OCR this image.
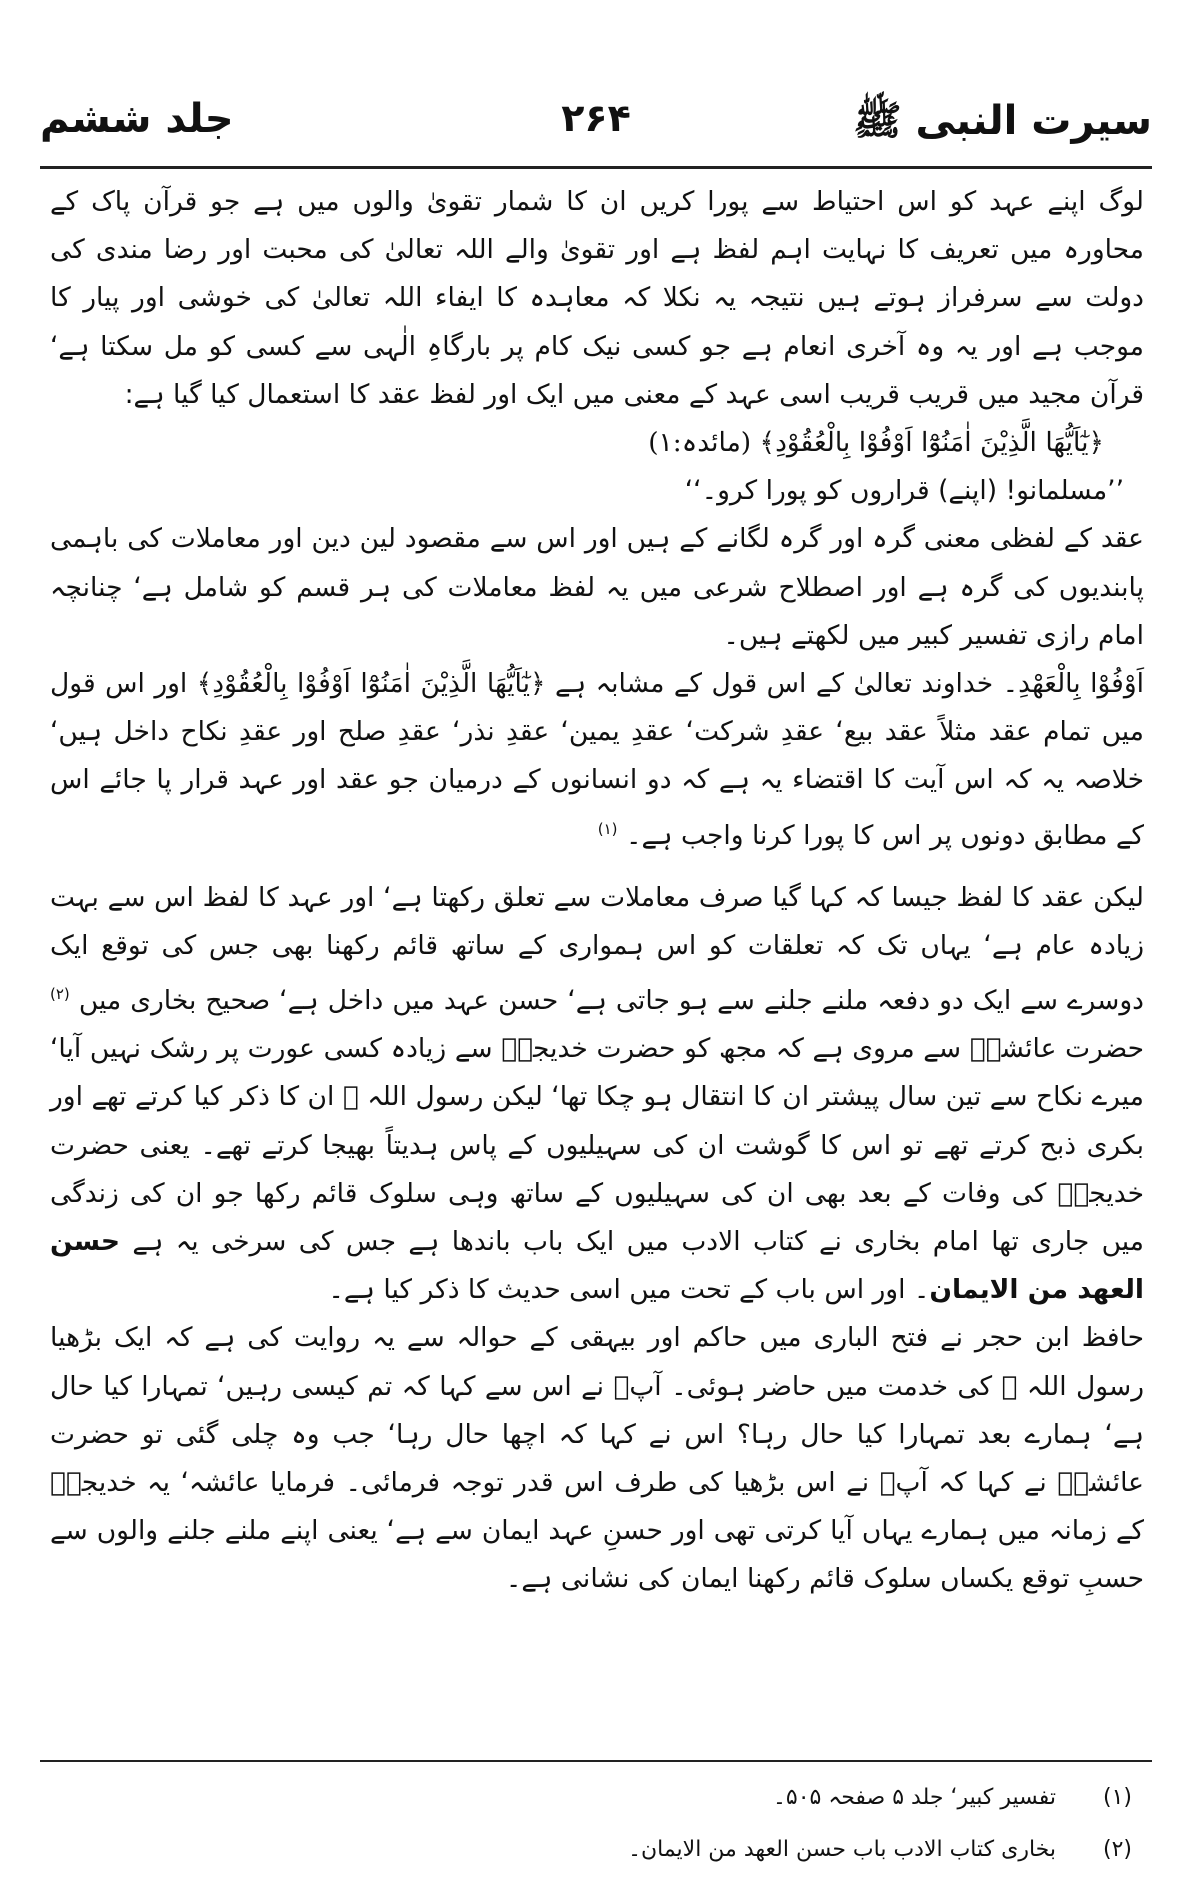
سیرت النبی ﷺ
۲۶۴
جلد ششم

لوگ اپنے عہد کو اس احتیاط سے پورا کریں ان کا شمار تقویٰ والوں میں ہے جو قرآن پاک کے محاورہ میں تعریف کا نہایت اہم لفظ ہے اور تقویٰ والے اللہ تعالیٰ کی محبت اور رضا مندی کی دولت سے سرفراز ہوتے ہیں نتیجہ یہ نکلا کہ معاہدہ کا ایفاء اللہ تعالیٰ کی خوشی اور پیار کا موجب ہے اور یہ وہ آخری انعام ہے جو کسی نیک کام پر بارگاہِ الٰہی سے کسی کو مل سکتا ہے‘ قرآن مجید میں قریب قریب اسی عہد کے معنی میں ایک اور لفظ عقد کا استعمال کیا گیا ہے:

﴿يٰٓاَيُّهَا الَّذِيْنَ اٰمَنُوْٓا اَوْفُوْا بِالْعُقُوْدِ﴾ (مائدہ:۱)

’’مسلمانو! (اپنے) قراروں کو پورا کرو۔‘‘

عقد کے لفظی معنی گرہ اور گرہ لگانے کے ہیں اور اس سے مقصود لین دین اور معاملات کی باہمی پابندیوں کی گرہ ہے اور اصطلاح شرعی میں یہ لفظ معاملات کی ہر قسم کو شامل ہے‘ چنانچہ امام رازی تفسیر کبیر میں لکھتے ہیں۔

اَوْفُوْا بِالْعَهْدِ۔ خداوند تعالیٰ کے اس قول کے مشابہ ہے ﴿يٰٓاَيُّهَا الَّذِيْنَ اٰمَنُوْٓا اَوْفُوْا بِالْعُقُوْدِ﴾ اور اس قول میں تمام عقد مثلاً عقد بیع‘ عقدِ شرکت‘ عقدِ یمین‘ عقدِ نذر‘ عقدِ صلح اور عقدِ نکاح داخل ہیں‘ خلاصہ یہ کہ اس آیت کا اقتضاء یہ ہے کہ دو انسانوں کے درمیان جو عقد اور عہد قرار پا جائے اس کے مطابق دونوں پر اس کا پورا کرنا واجب ہے۔ $^{(۱)}$

لیکن عقد کا لفظ جیسا کہ کہا گیا صرف معاملات سے تعلق رکھتا ہے‘ اور عہد کا لفظ اس سے بہت زیادہ عام ہے‘ یہاں تک کہ تعلقات کو اس ہمواری کے ساتھ قائم رکھنا بھی جس کی توقع ایک دوسرے سے ایک دو دفعہ ملنے جلنے سے ہو جاتی ہے‘ حسن عہد میں داخل ہے‘ صحیح بخاری میں $^{(۲)}$ حضرت عائشہؓ سے مروی ہے کہ مجھ کو حضرت خدیجہؓ سے زیادہ کسی عورت پر رشک نہیں آیا‘ میرے نکاح سے تین سال پیشتر ان کا انتقال ہو چکا تھا‘ لیکن رسول اللہ ﷺ ان کا ذکر کیا کرتے تھے اور بکری ذبح کرتے تھے تو اس کا گوشت ان کی سہیلیوں کے پاس ہدیتاً بھیجا کرتے تھے۔ یعنی حضرت خدیجہؓ کی وفات کے بعد بھی ان کی سہیلیوں کے ساتھ وہی سلوک قائم رکھا جو ان کی زندگی میں جاری تھا امام بخاری نے کتاب الادب میں ایک باب باندھا ہے جس کی سرخی یہ ہے حسن العهد من الايمان۔ اور اس باب کے تحت میں اسی حدیث کا ذکر کیا ہے۔

حافظ ابن حجر نے فتح الباری میں حاکم اور بیہقی کے حوالہ سے یہ روایت کی ہے کہ ایک بڑھیا رسول اللہ ﷺ کی خدمت میں حاضر ہوئی۔ آپؐ نے اس سے کہا کہ تم کیسی رہیں‘ تمہارا کیا حال ہے‘ ہمارے بعد تمہارا کیا حال رہا؟ اس نے کہا کہ اچھا حال رہا‘ جب وہ چلی گئی تو حضرت عائشہؓ نے کہا کہ آپؐ نے اس بڑھیا کی طرف اس قدر توجہ فرمائی۔ فرمایا عائشہ‘ یہ خدیجہؓ کے زمانہ میں ہمارے یہاں آیا کرتی تھی اور حسنِ عہد ایمان سے ہے‘ یعنی اپنے ملنے جلنے والوں سے حسبِ توقع یکساں سلوک قائم رکھنا ایمان کی نشانی ہے۔

(۱)
تفسیر کبیر‘ جلد ۵ صفحہ ۵۰۵۔
(۲)
بخاری کتاب الادب باب حسن العهد من الايمان۔
